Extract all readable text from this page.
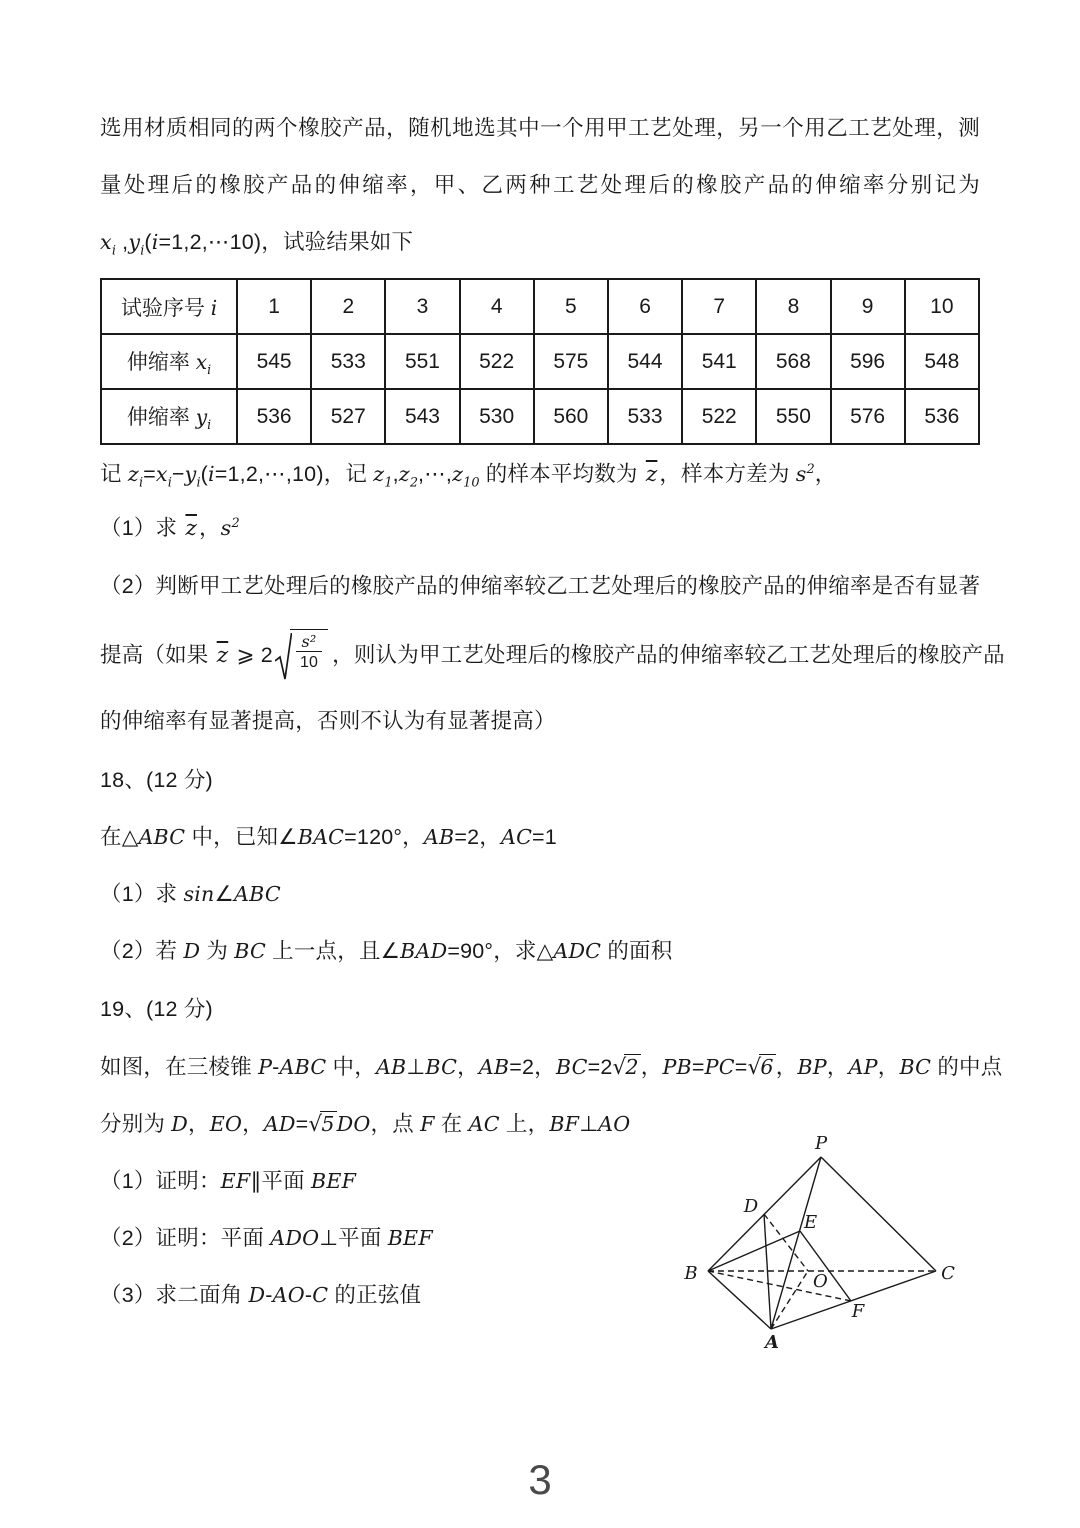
选用材质相同的两个橡胶产品，随机地选其中一个用甲工艺处理，另一个用乙工艺处理，测
量处理后的橡胶产品的伸缩率，甲、乙两种工艺处理后的橡胶产品的伸缩率分别记为
$x_i$ $,y_i(i=1,2,\cdots 10)$，试验结果如下
试验序号 i	1	2	3	4	5	6	7	8	9	10
伸缩率 $x_i$	545	533	551	522	575	544	541	568	596	548
伸缩率 $y_i$	536	527	543	530	560	533	522	550	576	536
记 $z_i=x_i-y_i(i=1,2,\cdots,10)$，记 $z_1,z_2,\cdots,z_{10}$ 的样本平均数为 $\overline{z}$，样本方差为 $s^2$，
（1）求 $\overline{z}$，$s^2$
（2）判断甲工艺处理后的橡胶产品的伸缩率较乙工艺处理后的橡胶产品的伸缩率是否有显著
提高（如果 $\overline{z}$ ⩾ $2 \frac{\text{s²}}{10}$ ，则认为甲工艺处理后的橡胶产品的伸缩率较乙工艺处理后的橡胶产品
的伸缩率有显著提高，否则不认为有显著提高）
18、(12 分)
在△ABC 中，已知∠BAC=120°，AB=2，AC=1
（1）求 sin∠ABC
（2）若 D 为 BC 上一点，且∠BAD=90°，求△ADC 的面积
19、(12 分)
如图，在三棱锥 P-ABC 中，AB⊥BC，AB=2，BC=2√2，PB=PC=√6，BP，AP，BC 的中点
分别为 D，EO，AD=√5DO，点 F 在 AC 上，BF⊥AO
（1）证明：EF∥平面 BEF
（2）证明：平面 ADO⊥平面 BEF
（3）求二面角 D-AO-C 的正弦值
P
B	C
A
D
E
O
F
3
